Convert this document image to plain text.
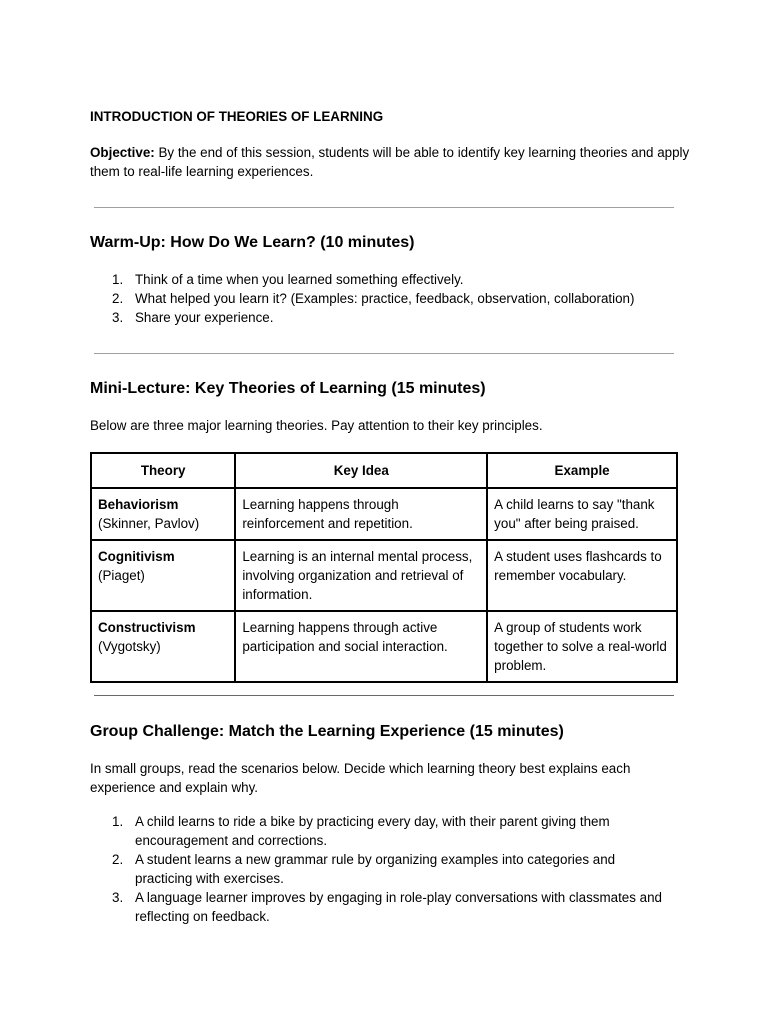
INTRODUCTION OF THEORIES OF LEARNING

Objective: By the end of this session, students will be able to identify key learning theories and apply them to real-life learning experiences.

Warm-Up: How Do We Learn? (10 minutes)
1. Think of a time when you learned something effectively.
2. What helped you learn it? (Examples: practice, feedback, observation, collaboration)
3. Share your experience.
Mini-Lecture: Key Theories of Learning (15 minutes)

Below are three major learning theories. Pay attention to their key principles.

Theory	Key Idea	Example

Behaviorism
(Skinner, Pavlov)	Learning happens through reinforcement and repetition.	A child learns to say "thank you" after being praised.

Cognitivism
(Piaget)	Learning is an internal mental process, involving organization and retrieval of information.	A student uses flashcards to remember vocabulary.

Constructivism
(Vygotsky)	Learning happens through active participation and social interaction.	A group of students work together to solve a real-world problem.
Group Challenge: Match the Learning Experience (15 minutes)

In small groups, read the scenarios below. Decide which learning theory best explains each experience and explain why.

1. A child learns to ride a bike by practicing every day, with their parent giving them encouragement and corrections.
2. A student learns a new grammar rule by organizing examples into categories and practicing with exercises.
3. A language learner improves by engaging in role-play conversations with classmates and reflecting on feedback.
